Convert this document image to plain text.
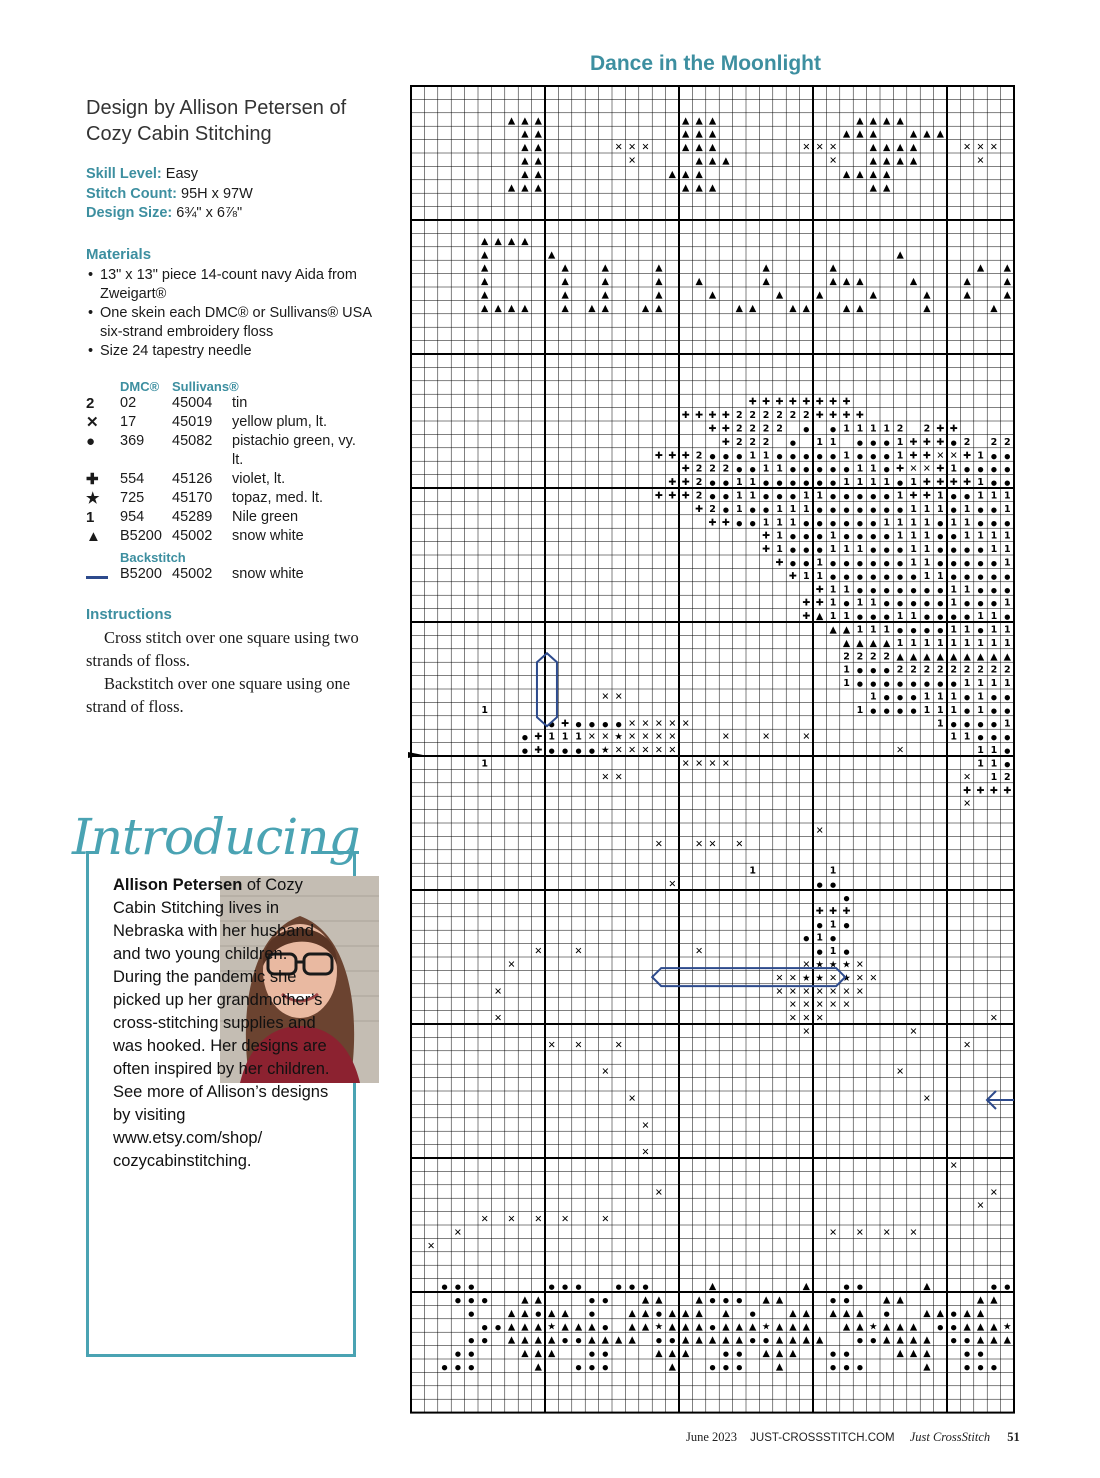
Design by Allison Petersen of Cozy Cabin Stitching
Skill Level: Easy
Stitch Count: 95H x 97W
Design Size: 6¾" x 6⅞"
Materials
• 13" x 13" piece 14-count navy Aida from Zweigart®
• One skein each DMC® or Sullivans® USA six-strand embroidery floss
• Size 24 tapestry needle
DMC® Sullivans®
2	02	45004	tin
✕	17	45019	yellow plum, lt.
●	369	45082	pistachio green, vy. lt.
✚	554	45126	violet, lt.
★	725	45170	topaz, med. lt.
1	954	45289	Nile green
▲	B5200 45002	snow white
Backstitch
B5200 45002	snow white
Instructions

Cross stitch over one square using two strands of floss.

Backstitch over one square using one strand of floss.

Introducing
Allison Petersen of Cozy Cabin Stitching lives in Nebraska with her husband and two young children. During the pandemic she picked up her grandmother’s cross-stitching supplies and was hooked. Her designs are often inspired by her children. See more of Allison’s designs by visiting www.etsy.com/shop/ cozycabinstitching.
Dance in the Moonlight
▲ ▲ ▲	▲ ▲ ▲	▲ ▲ ▲ ▲
▲ ▲	▲ ▲ ▲	▲ ▲ ▲	▲ ▲ ▲
▲ ▲	✕ ✕ ✕	▲ ▲ ▲	✕ ✕ ✕	▲ ▲ ▲ ▲	✕ ✕ ✕
▲ ▲	✕	▲ ▲ ▲	✕	▲ ▲ ▲ ▲	✕
▲ ▲	▲ ▲ ▲	▲ ▲ ▲ ▲
▲ ▲ ▲	▲ ▲ ▲	▲ ▲
▲ ▲ ▲ ▲
▲	▲	▲
▲	▲	▲	▲	▲	▲	▲ ▲
▲	▲	▲	▲	▲	▲	▲ ▲ ▲	▲	▲	▲
▲	▲	▲	▲	▲	▲	▲	▲	▲	▲	▲
▲ ▲ ▲ ▲	▲ ▲ ▲	▲ ▲	▲ ▲	▲ ▲	▲ ▲	▲	▲
✚ ✚ ✚ ✚ ✚ ✚ ✚ ✚
✚ ✚ ✚ ✚ 2 2 2 2 2 2 ✚ ✚ ✚ ✚
✚ ✚ 2 2 2 2	●	● 1 1 1 1 2 2 ✚ ✚
✚ 2 2 2	● 1 1	● ● ● 1 ✚ ✚ ✚ ● 2 2 2
✚ ✚ ✚ 2 ● ● ● 1 1 ● ● ● ● ● 1 ● ● ● 1 ✚ ✚ ✕ ✕ ✚ 1 ● ●
✚ 2 2 2 ● ● 1 1 ● ● ● ● ● 1 1 ● ✚ ✕ ✕ ✚ 1 ● ● ● ●
✚ ✚ 2 ● ● 1 1 ● ● ● ● ● ● 1 1 1 1 ● 1 ✚ ✚ ✚ ✚ 1 ● ●
✚ ✚ ✚ 2 ● ● 1 1 ● ● ● 1 1 ● ● ● ● ● 1 ✚ ✚ 1 ● ● 1 1 1
✚ 2 ● 1 ● ● 1 1 1 ● ● ● ● ● ● ● 1 1 1 ● 1 ● ● 1
✚ ✚ ● ● 1 1 1 ● ● ● ● ● ● 1 1 1 1 ● 1 1 ● ● ●
✚ 1 ● ● ● 1 ● ● ● ● 1 1 1 ● ● 1 1 1 1
✚ 1 ● ● ● 1 1 1 ● ● ● 1 1 ● ● ● ● 1 1
✚ ● ● 1 ● ● ● ● ● ● 1 1 ● ● ● ● ● 1
✚ 1 1 ● ● ● ● ● ● ● 1 1 ● ● ● ● ●
✚ 1 1 ● ● ● ● ● ● ● 1 1 ● ● ●
✚ ✚ 1 ● 1 1 ● ● ● ● ● 1 ● ● ● 1
✚ ▲ 1 1 ● ● ● 1 1 ● ● ● ● 1 1 ●
▲ ▲ 1 1 1 ● ● ● ● 1 1 ● 1 1
▲ ▲ ▲ ▲ 1 1 1 1 1 1 1 1 1
2 2 2 2 ▲ ▲ ▲ ▲ ▲ ▲ ▲ ▲ ▲
1 ● ● ● 2 2 2 2 2 2 2 2 2
1 ● ● ● ● ● ● ● ● 1 1 1 1
✕ ✕	1 ● ● ● 1 1 1 ● 1 ● ●
1	1 ● ● ● ● 1 1 1 ● 1 ● ●
● ✚ ● ● ● ● ✕ ✕ ✕ ✕ ✕	1 ● ● ● ● 1
● ✚ 1 1 1 ✕ ✕ ★ ✕ ✕ ✕ ✕	✕	✕	✕	1 1 ● ● ●
● ✚ ● ● ● ● ★ ✕ ✕ ✕ ✕ ✕	✕	1 1 ●
1	✕ ✕ ✕ ✕	1 1 ●
✕ ✕	✕ 1 2
✚ ✚ ✚ ✚
✕
✕
✕	✕ ✕ ✕
1	1
✕	● ●
●
✚ ✚ ✚
● 1 ●
● 1 ●
✕	✕	✕	● 1 ●
✕	✕ ★ ★ ★ ✕
✕ ✕ ★ ★ ✕ ★ ✕ ✕
✕	✕ ✕ ✕ ✕ ✕ ✕ ✕
✕ ✕ ✕ ✕ ✕
✕	✕ ✕ ✕	✕
✕	✕
✕ ✕	✕	✕
✕	✕
✕	✕
✕
✕
✕
✕	✕
✕
✕ ✕ ✕ ✕	✕
✕	✕ ✕ ✕ ✕
✕
● ● ●	● ● ●	● ● ●	▲	▲	● ●	▲	● ●
● ● ●	▲ ▲	● ●	▲ ▲	▲ ● ● ● ▲ ▲	● ●	▲ ▲	▲ ▲
●	▲ ▲ ● ▲ ▲	●	▲ ▲ ● ▲ ▲ ▲ ▲	●	▲ ▲ ▲ ▲ ▲	●	▲ ▲ ● ▲ ▲
● ● ▲ ▲ ▲ ★ ▲ ▲ ▲ ● ▲ ▲ ★ ▲ ▲ ▲ ● ▲ ▲ ▲ ★ ▲ ▲ ▲	▲ ▲ ★ ▲ ▲ ▲	● ● ▲ ▲ ▲ ★
● ● ▲ ▲ ▲ ▲ ● ● ▲ ▲ ▲ ▲	● ● ▲ ▲ ▲ ▲ ▲ ● ● ▲ ▲ ▲ ▲	● ● ▲ ▲ ▲ ▲	● ● ▲ ▲ ▲
● ●	▲ ▲ ▲	● ●	▲ ▲ ▲	● ● ▲ ▲ ▲	● ●	▲ ▲ ▲	● ●
● ● ●	▲	● ● ●	▲	● ● ●	▲	● ● ●	▲	● ● ●
June 2023 JUST-CROSSSTITCH.COM Just CrossStitch 51
